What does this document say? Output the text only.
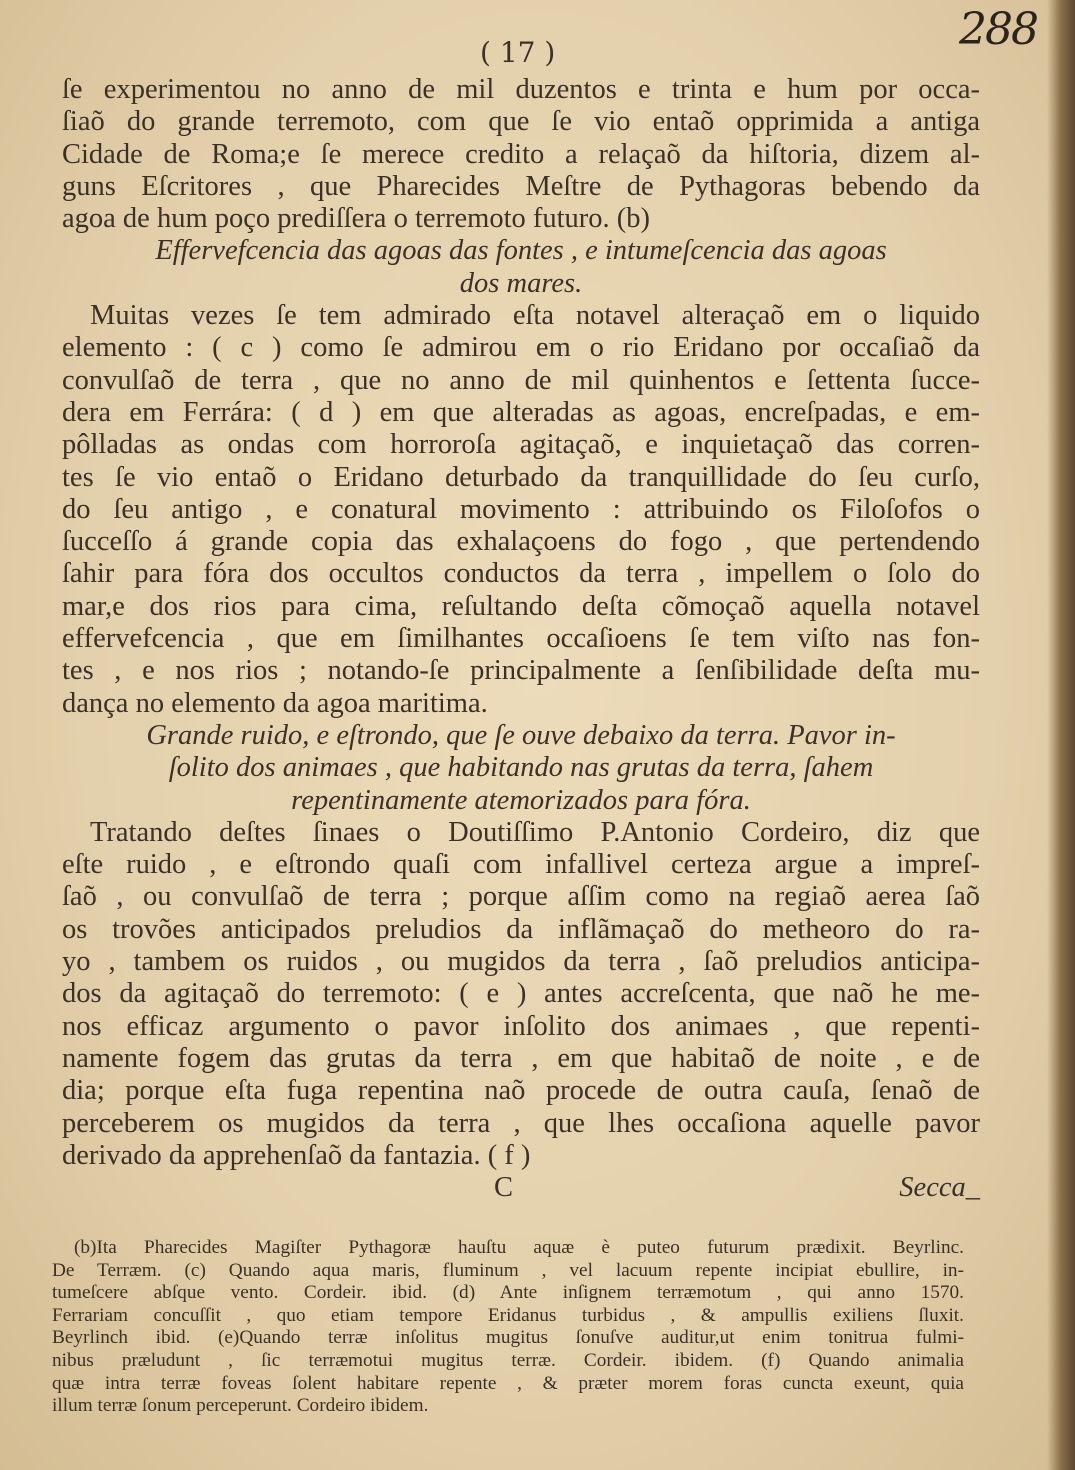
288
( 17 )
ſe experimentou no anno de mil duzentos e trinta e hum por occa-
ſiaõ do grande terremoto, com que ſe vio entaõ opprimida a antiga
Cidade de Roma;e ſe merece credito a relaçaõ da hiſtoria, dizem al-
guns Eſcritores , que Pharecides Meſtre de Pythagoras bebendo da
agoa de hum poço prediſſera o terremoto futuro. (b)
Effervefcencia das agoas das fontes , e intumeſcencia das agoas
dos mares.
Muitas vezes ſe tem admirado eſta notavel alteraçaõ em o liquido
elemento : ( c ) como ſe admirou em o rio Eridano por occaſiaõ da
convulſaõ de terra , que no anno de mil quinhentos e ſettenta ſucce-
dera em Ferrára: ( d ) em que alteradas as agoas, encreſpadas, e em-
pôlladas as ondas com horroroſa agitaçaõ, e inquietaçaõ das corren-
tes ſe vio entaõ o Eridano deturbado da tranquillidade do ſeu curſo,
do ſeu antigo , e conatural movimento : attribuindo os Filoſofos o
ſucceſſo á grande copia das exhalaçoens do fogo , que pertendendo
ſahir para fóra dos occultos conductos da terra , impellem o ſolo do
mar,e dos rios para cima, reſultando deſta cõmoçaõ aquella notavel
effervefcencia , que em ſimilhantes occaſioens ſe tem viſto nas fon-
tes , e nos rios ; notando-ſe principalmente a ſenſibilidade deſta mu-
dança no elemento da agoa maritima.
Grande ruido, e eſtrondo, que ſe ouve debaixo da terra. Pavor in-
ſolito dos animaes , que habitando nas grutas da terra, ſahem
repentinamente atemorizados para fóra.
Tratando deſtes ſinaes o Doutiſſimo P.Antonio Cordeiro, diz que
eſte ruido , e eſtrondo quaſi com infallivel certeza argue a impreſ-
ſaõ , ou convulſaõ de terra ; porque aſſim como na regiaõ aerea ſaõ
os trovões anticipados preludios da inflãmaçaõ do metheoro do ra-
yo , tambem os ruidos , ou mugidos da terra , ſaõ preludios anticipa-
dos da agitaçaõ do terremoto: ( e ) antes accreſcenta, que naõ he me-
nos efficaz argumento o pavor inſolito dos animaes , que repenti-
namente fogem das grutas da terra , em que habitaõ de noite , e de
dia; porque eſta fuga repentina naõ procede de outra cauſa, ſenaõ de
perceberem os mugidos da terra , que lhes occaſiona aquelle pavor
derivado da apprehenſaõ da fantazia. ( f )
C	Secca_
(b)Ita Pharecides Magiſter Pythagoræ hauſtu aquæ è puteo futurum prædixit. Beyrlinc.
De Terræm. (c) Quando aqua maris, fluminum , vel lacuum repente incipiat ebullire, in-
tumeſcere abſque vento. Cordeir. ibid. (d) Ante inſignem terræmotum , qui anno 1570.
Ferrariam concuſſit , quo etiam tempore Eridanus turbidus , & ampullis exiliens ſluxit.
Beyrlinch ibid. (e)Quando terræ inſolitus mugitus ſonuſve auditur,ut enim tonitrua fulmi-
nibus præludunt , ſic terræmotui mugitus terræ. Cordeir. ibidem. (f) Quando animalia
quæ intra terræ foveas ſolent habitare repente , & præter morem foras cuncta exeunt, quia
illum terræ ſonum perceperunt. Cordeiro ibidem.
